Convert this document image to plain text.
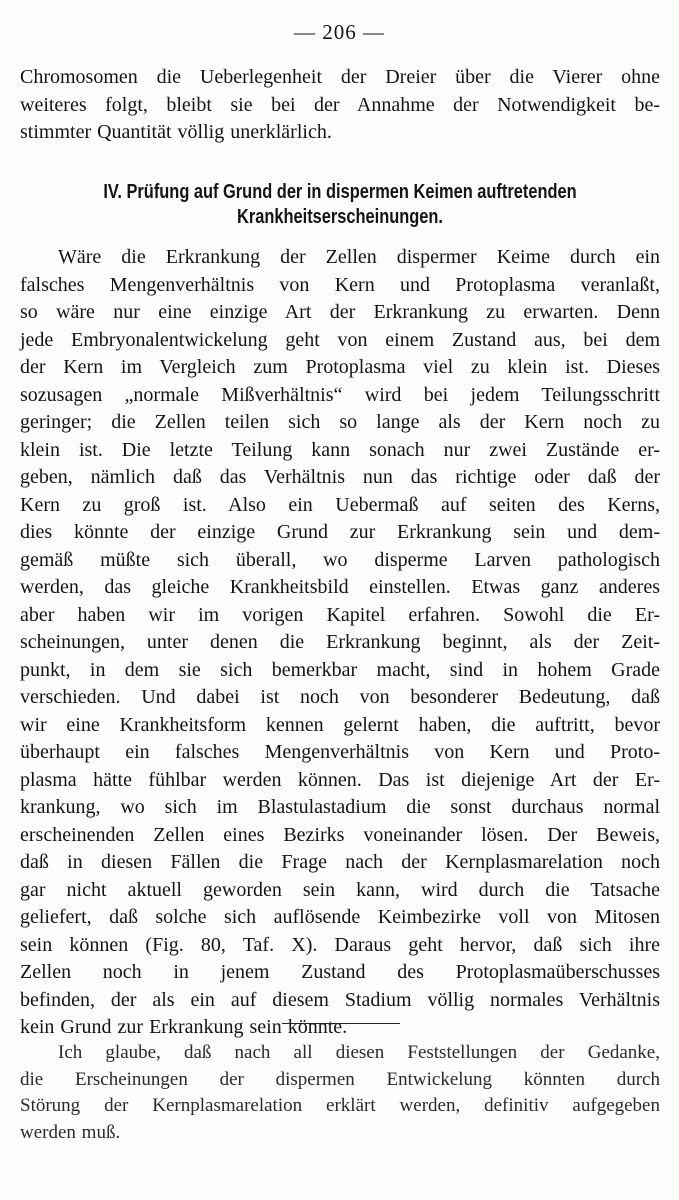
— 206 —
Chromosomen die Ueberlegenheit der Dreier über die Vierer ohne
weiteres folgt, bleibt sie bei der Annahme der Notwendigkeit be-
stimmter Quantität völlig unerklärlich.
IV. Prüfung auf Grund der in dispermen Keimen auftretenden
Krankheitserscheinungen.
Wäre die Erkrankung der Zellen dispermer Keime durch ein
falsches Mengenverhältnis von Kern und Protoplasma veranlaßt,
so wäre nur eine einzige Art der Erkrankung zu erwarten. Denn
jede Embryonalentwickelung geht von einem Zustand aus, bei dem
der Kern im Vergleich zum Protoplasma viel zu klein ist. Dieses
sozusagen „normale Mißverhältnis“ wird bei jedem Teilungsschritt
geringer; die Zellen teilen sich so lange als der Kern noch zu
klein ist. Die letzte Teilung kann sonach nur zwei Zustände er-
geben, nämlich daß das Verhältnis nun das richtige oder daß der
Kern zu groß ist. Also ein Uebermaß auf seiten des Kerns,
dies könnte der einzige Grund zur Erkrankung sein und dem-
gemäß müßte sich überall, wo disperme Larven pathologisch
werden, das gleiche Krankheitsbild einstellen. Etwas ganz anderes
aber haben wir im vorigen Kapitel erfahren. Sowohl die Er-
scheinungen, unter denen die Erkrankung beginnt, als der Zeit-
punkt, in dem sie sich bemerkbar macht, sind in hohem Grade
verschieden. Und dabei ist noch von besonderer Bedeutung, daß
wir eine Krankheitsform kennen gelernt haben, die auftritt, bevor
überhaupt ein falsches Mengenverhältnis von Kern und Proto-
plasma hätte fühlbar werden können. Das ist diejenige Art der Er-
krankung, wo sich im Blastulastadium die sonst durchaus normal
erscheinenden Zellen eines Bezirks voneinander lösen. Der Beweis,
daß in diesen Fällen die Frage nach der Kernplasmarelation noch
gar nicht aktuell geworden sein kann, wird durch die Tatsache
geliefert, daß solche sich auflösende Keimbezirke voll von Mitosen
sein können (Fig. 80, Taf. X). Daraus geht hervor, daß sich ihre
Zellen noch in jenem Zustand des Protoplasmaüberschusses
befinden, der als ein auf diesem Stadium völlig normales Verhältnis
kein Grund zur Erkrankung sein könnte.
Ich glaube, daß nach all diesen Feststellungen der Gedanke,
die Erscheinungen der dispermen Entwickelung könnten durch
Störung der Kernplasmarelation erklärt werden, definitiv aufgegeben
werden muß.
